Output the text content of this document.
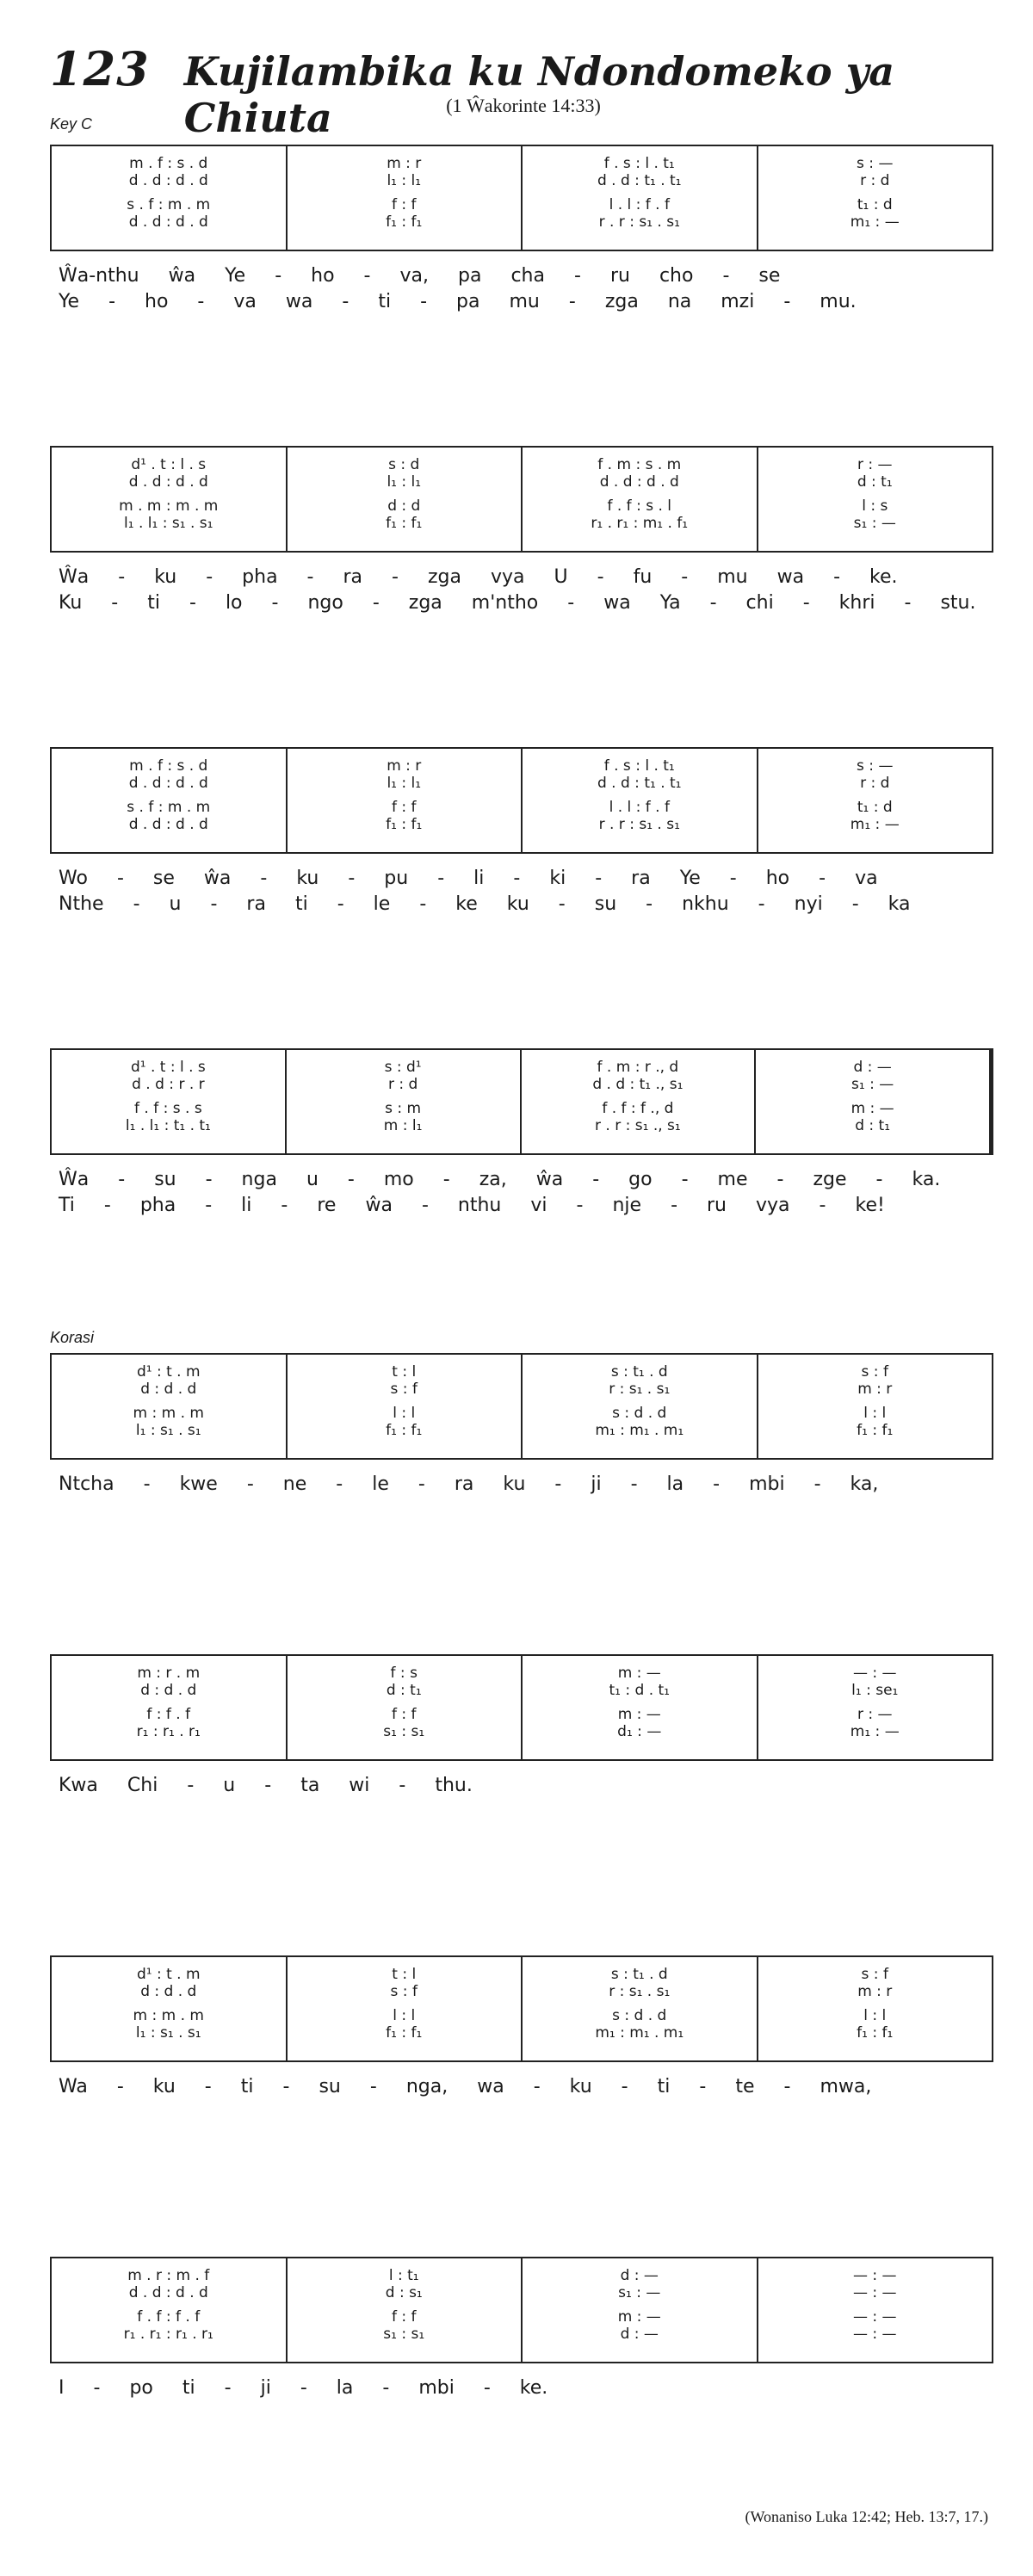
123 Kujilambika ku Ndondomeko ya Chiuta	(1 Ŵakorinte 14:33)
Key C
Korasi
m . f : s . d
d . d : d . d
s . f : m . m
d . d : d . d
m : r
l₁ : l₁
f : f
f₁ : f₁
f . s : l . t₁
d . d : t₁ . t₁
l . l : f . f
r . r : s₁ . s₁
s : —
r : d
t₁ : d
m₁ : —
Ŵa-nthu ŵa Ye - ho - va, pa cha - ru cho - se
Ye - ho - va wa - ti - pa mu - zga na mzi - mu.
d¹ . t : l . s
d . d : d . d
m . m : m . m
l₁ . l₁ : s₁ . s₁
s : d
l₁ : l₁
d : d
f₁ : f₁
f . m : s . m
d . d : d . d
f . f : s . l
r₁ . r₁ : m₁ . f₁
r : —
d : t₁
l : s
s₁ : —
Ŵa - ku - pha - ra - zga vya U - fu - mu wa - ke.
Ku - ti - lo - ngo - zga m'ntho - wa Ya - chi - khri - stu.
m . f : s . d
d . d : d . d
s . f : m . m
d . d : d . d
m : r
l₁ : l₁
f : f
f₁ : f₁
f . s : l . t₁
d . d : t₁ . t₁
l . l : f . f
r . r : s₁ . s₁
s : —
r : d
t₁ : d
m₁ : —
Wo - se ŵa - ku - pu - li - ki - ra Ye - ho - va
Nthe - u - ra ti - le - ke ku - su - nkhu - nyi - ka
d¹ . t : l . s
d . d : r . r
f . f : s . s
l₁ . l₁ : t₁ . t₁
s : d¹
r : d
s : m
m : l₁
f . m : r ., d
d . d : t₁ ., s₁
f . f : f ., d
r . r : s₁ ., s₁
d : —
s₁ : —
m : —
d : t₁
Ŵa - su - nga u - mo - za, ŵa - go - me - zge - ka.
Ti - pha - li - re ŵa - nthu vi - nje - ru vya - ke!
d¹ : t . m
d : d . d
m : m . m
l₁ : s₁ . s₁
t : l
s : f
l : l
f₁ : f₁
s : t₁ . d
r : s₁ . s₁
s : d . d
m₁ : m₁ . m₁
s : f
m : r
l : l
f₁ : f₁
Ntcha - kwe - ne - le - ra ku - ji - la - mbi - ka,
m : r . m
d : d . d
f : f . f
r₁ : r₁ . r₁
f : s
d : t₁
f : f
s₁ : s₁
m : —
t₁ : d . t₁
m : —
d₁ : —
— : —
l₁ : se₁
r : —
m₁ : —
Kwa Chi - u - ta wi - thu.
d¹ : t . m
d : d . d
m : m . m
l₁ : s₁ . s₁
t : l
s : f
l : l
f₁ : f₁
s : t₁ . d
r : s₁ . s₁
s : d . d
m₁ : m₁ . m₁
s : f
m : r
l : l
f₁ : f₁
Wa - ku - ti - su - nga, wa - ku - ti - te - mwa,
m . r : m . f
d . d : d . d
f . f : f . f
r₁ . r₁ : r₁ . r₁
l : t₁
d : s₁
f : f
s₁ : s₁
d : —
s₁ : —
m : —
d : —
— : —
— : —
— : —
— : —
I - po ti - ji - la - mbi - ke.
(Wonaniso Luka 12:42; Heb. 13:7, 17.)
